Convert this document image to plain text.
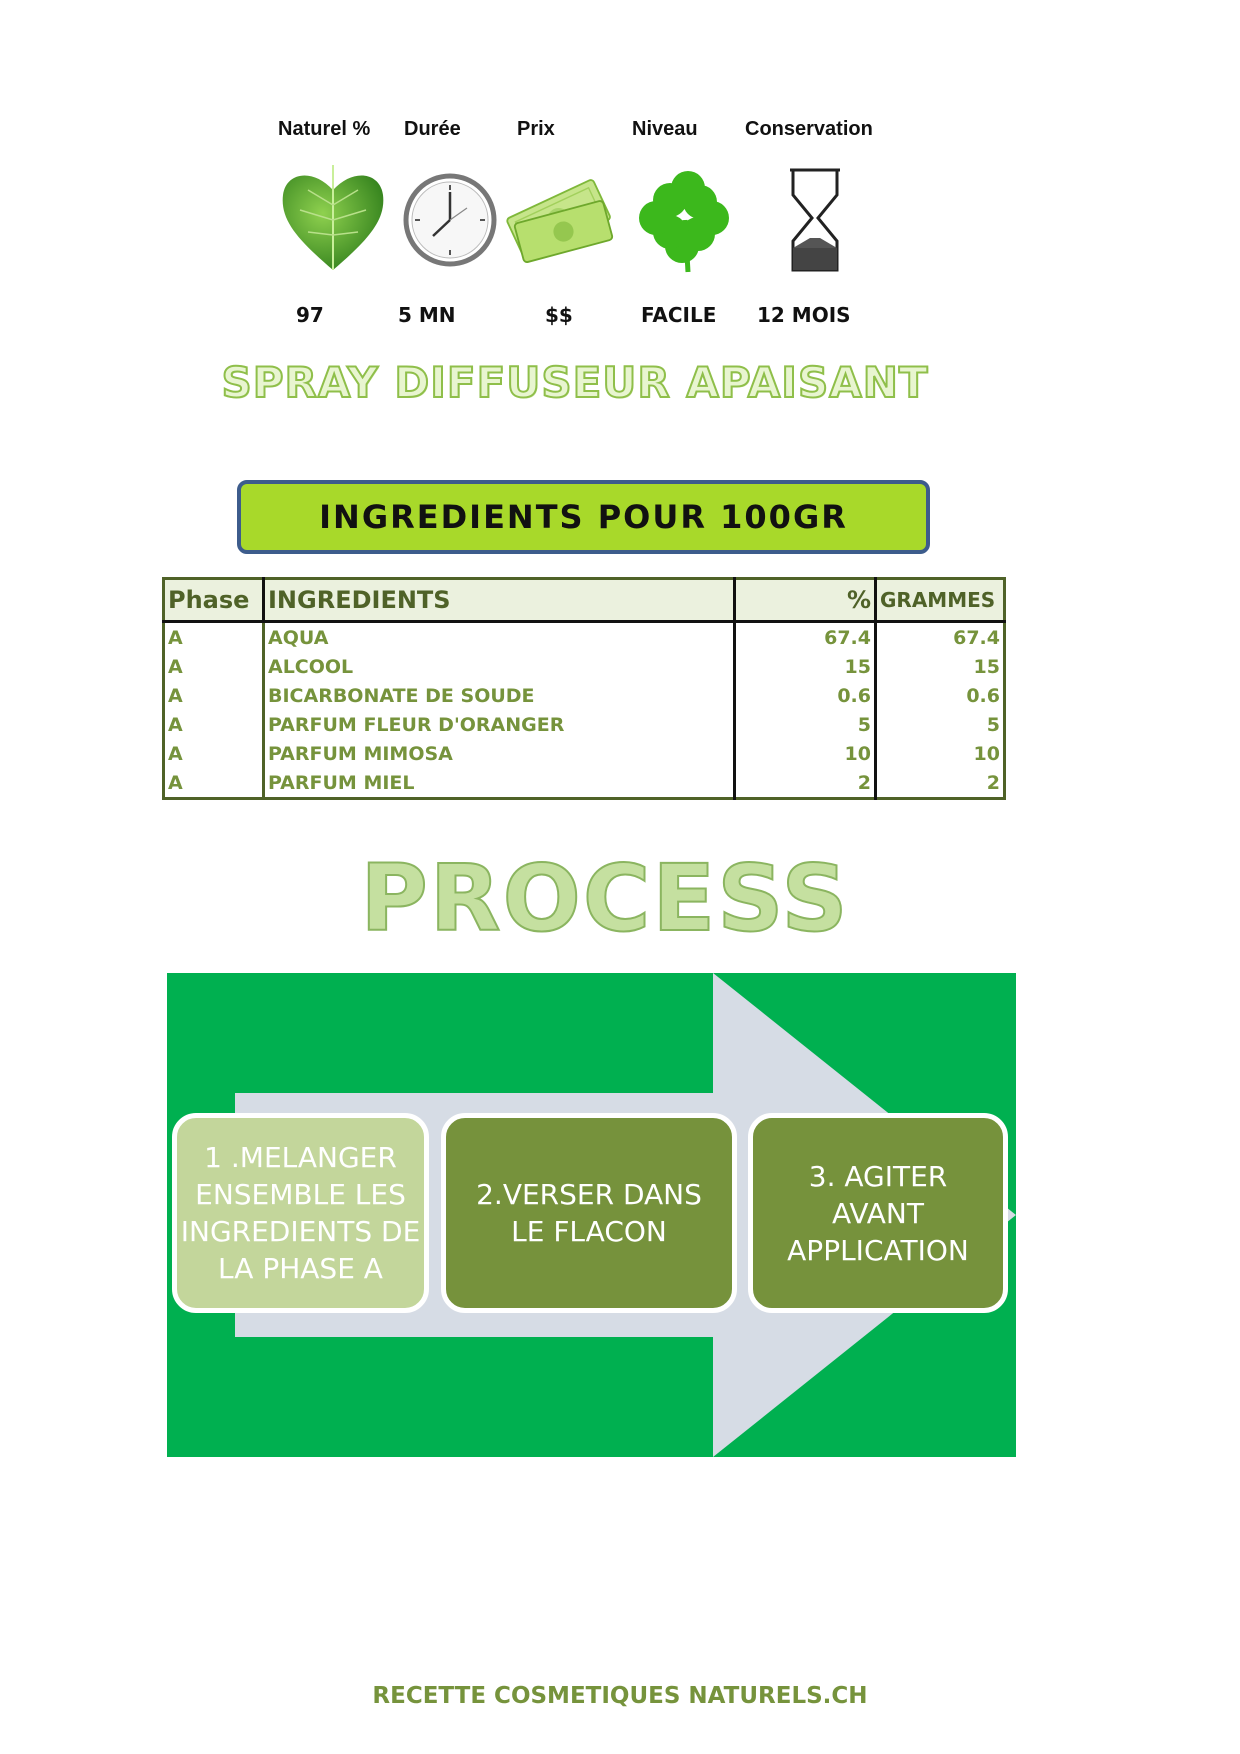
Naturel % Durée	Prix	Niveau Conservation
97	5 MN	$$	FACILE 12 MOIS
SPRAY DIFFUSEUR APAISANT
INGREDIENTS POUR 100GR
Phase	INGREDIENTS	%	GRAMMES
A	AQUA	67.4	67.4
A	ALCOOL	15	15
A	BICARBONATE DE SOUDE	0.6	0.6
A	PARFUM FLEUR D'ORANGER	5	5
A	PARFUM MIMOSA	10	10
A	PARFUM MIEL	2	2
PROCESS
1 .MELANGER ENSEMBLE LES INGREDIENTS DE LA PHASE A
2.VERSER DANS LE FLACON
3. AGITER AVANT APPLICATION
RECETTE COSMETIQUES NATURELS.CH
